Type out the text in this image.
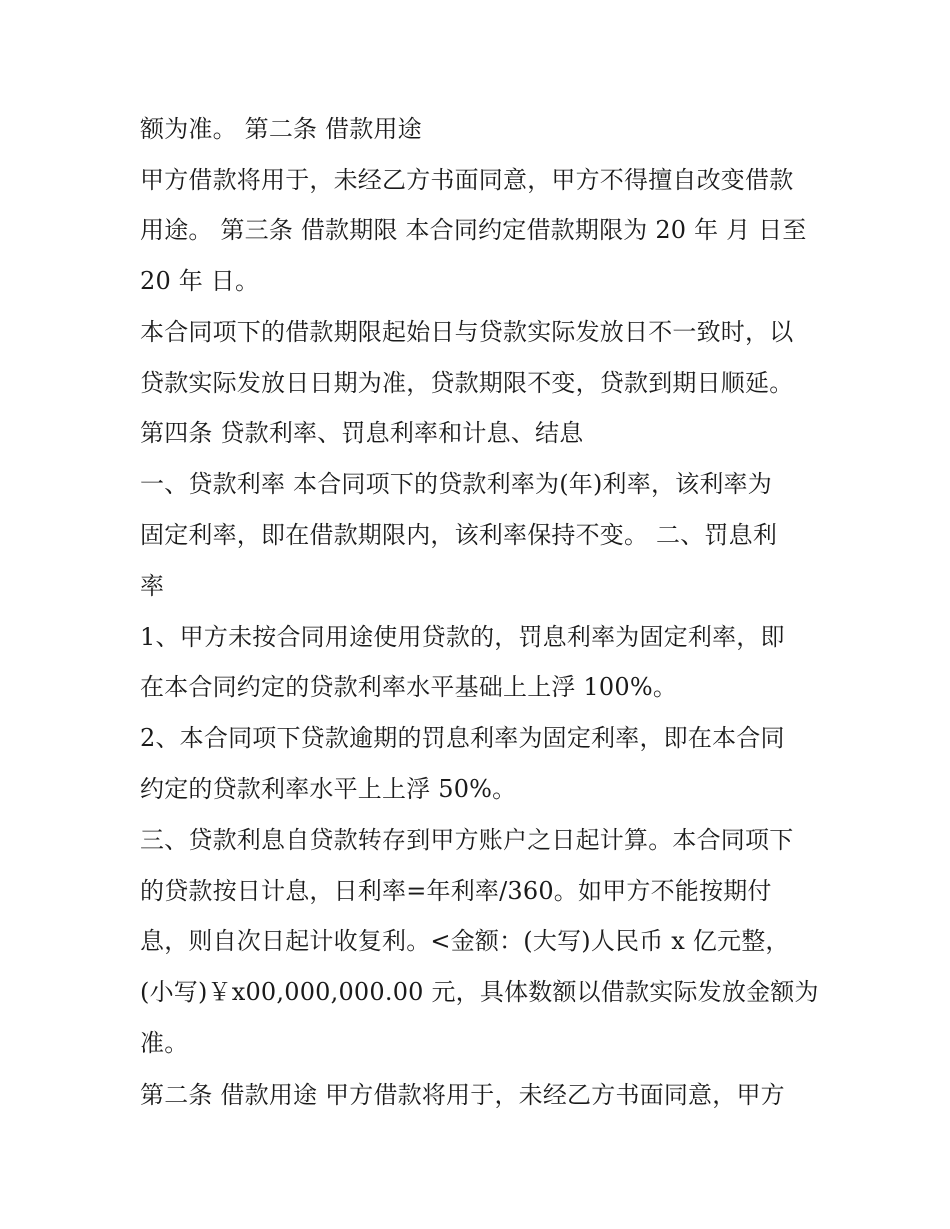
额为准。 第二条 借款用途
甲方借款将用于，未经乙方书面同意，甲方不得擅自改变借款
用途。 第三条 借款期限 本合同约定借款期限为 20 年 月 日至
20 年 日。
本合同项下的借款期限起始日与贷款实际发放日不一致时，以
贷款实际发放日日期为准，贷款期限不变，贷款到期日顺延。
第四条 贷款利率、罚息利率和计息、结息
一、贷款利率 本合同项下的贷款利率为(年)利率，该利率为
固定利率，即在借款期限内，该利率保持不变。 二、罚息利
率
1、甲方未按合同用途使用贷款的，罚息利率为固定利率，即
在本合同约定的贷款利率水平基础上上浮 100%。
2、本合同项下贷款逾期的罚息利率为固定利率，即在本合同
约定的贷款利率水平上上浮 50%。
三、贷款利息自贷款转存到甲方账户之日起计算。本合同项下
的贷款按日计息，日利率=年利率/360。如甲方不能按期付
息，则自次日起计收复利。<金额：(大写)人民币 x 亿元整，
(小写)￥x00,000,000.00 元，具体数额以借款实际发放金额为
准。
第二条 借款用途 甲方借款将用于，未经乙方书面同意，甲方
